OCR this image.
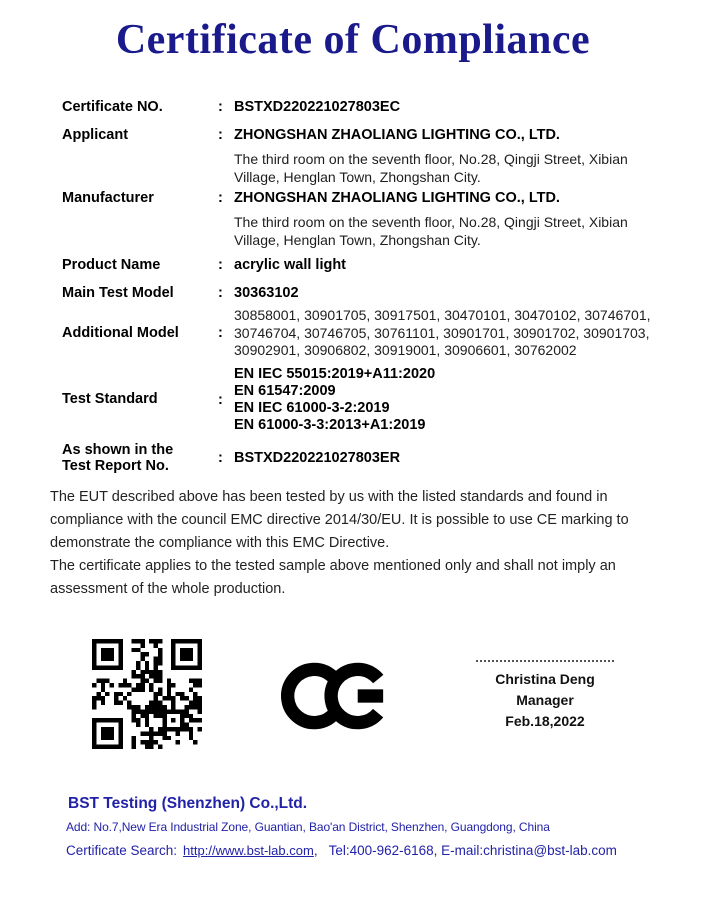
Certificate of Compliance
Certificate NO.	: BSTXD220221027803EC
Applicant	: ZHONGSHAN ZHAOLIANG LIGHTING CO., LTD.
The third room on the seventh floor, No.28, Qingji Street, Xibian Village, Henglan Town, Zhongshan City.
Manufacturer	: ZHONGSHAN ZHAOLIANG LIGHTING CO., LTD.
The third room on the seventh floor, No.28, Qingji Street, Xibian Village, Henglan Town, Zhongshan City.
Product Name	: acrylic wall light
Main Test Model	: 30363102
Additional Model	:
30858001, 30901705, 30917501, 30470101, 30470102, 30746701,
30746704, 30746705, 30761101, 30901701, 30901702, 30901703,
30902901, 30906802, 30919001, 30906601, 30762002
Test Standard	:
EN IEC 55015:2019+A11:2020
EN 61547:2009
EN IEC 61000-3-2:2019
EN 61000-3-3:2013+A1:2019
As shown in the
Test Report No.	: BSTXD220221027803ER

The EUT described above has been tested by us with the listed standards and found in compliance with the council EMC directive 2014/30/EU. It is possible to use CE marking to demonstrate the compliance with this EMC Directive.

The certificate applies to the tested sample above mentioned only and shall not imply an assessment of the whole production.

Christina Deng
Manager
Feb.18,2022
BST Testing (Shenzhen) Co.,Ltd.
Add: No.7,New Era Industrial Zone, Guantian, Bao'an District, Shenzhen, Guangdong, China
Certificate Search: http://www.bst-lab.com,   Tel:400-962-6168, E-mail:christina@bst-lab.com
